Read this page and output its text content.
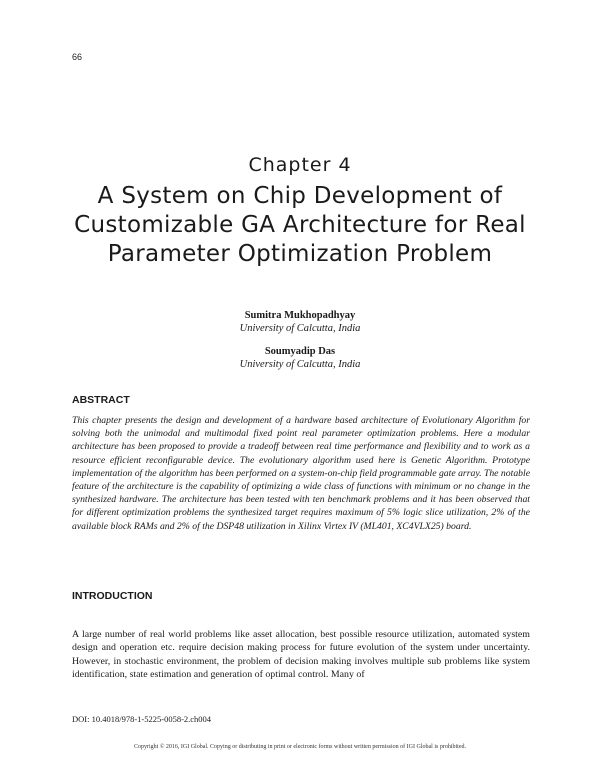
66
Chapter 4
A System on Chip Development of Customizable GA Architecture for Real Parameter Optimization Problem
Sumitra Mukhopadhyay
University of Calcutta, India
Soumyadip Das
University of Calcutta, India
ABSTRACT

This chapter presents the design and development of a hardware based architecture of Evolutionary Algorithm for solving both the unimodal and multimodal fixed point real parameter optimization problems. Here a modular architecture has been proposed to provide a tradeoff between real time performance and flexibility and to work as a resource efficient reconfigurable device. The evolutionary algorithm used here is Genetic Algorithm. Prototype implementation of the algorithm has been performed on a system-on-chip field programmable gate array. The notable feature of the architecture is the capability of optimizing a wide class of functions with minimum or no change in the synthesized hardware. The architecture has been tested with ten benchmark problems and it has been observed that for different optimization problems the synthesized target requires maximum of 5% logic slice utilization, 2% of the available block RAMs and 2% of the DSP48 utilization in Xilinx Virtex IV (ML401, XC4VLX25) board.

INTRODUCTION

A large number of real world problems like asset allocation, best possible resource utilization, automated system design and operation etc. require decision making process for future evolution of the system under uncertainty. However, in stochastic environment, the problem of decision making involves multiple sub problems like system identification, state estimation and generation of optimal control. Many of

DOI: 10.4018/978-1-5225-0058-2.ch004
Copyright © 2016, IGI Global. Copying or distributing in print or electronic forms without written permission of IGI Global is prohibited.
